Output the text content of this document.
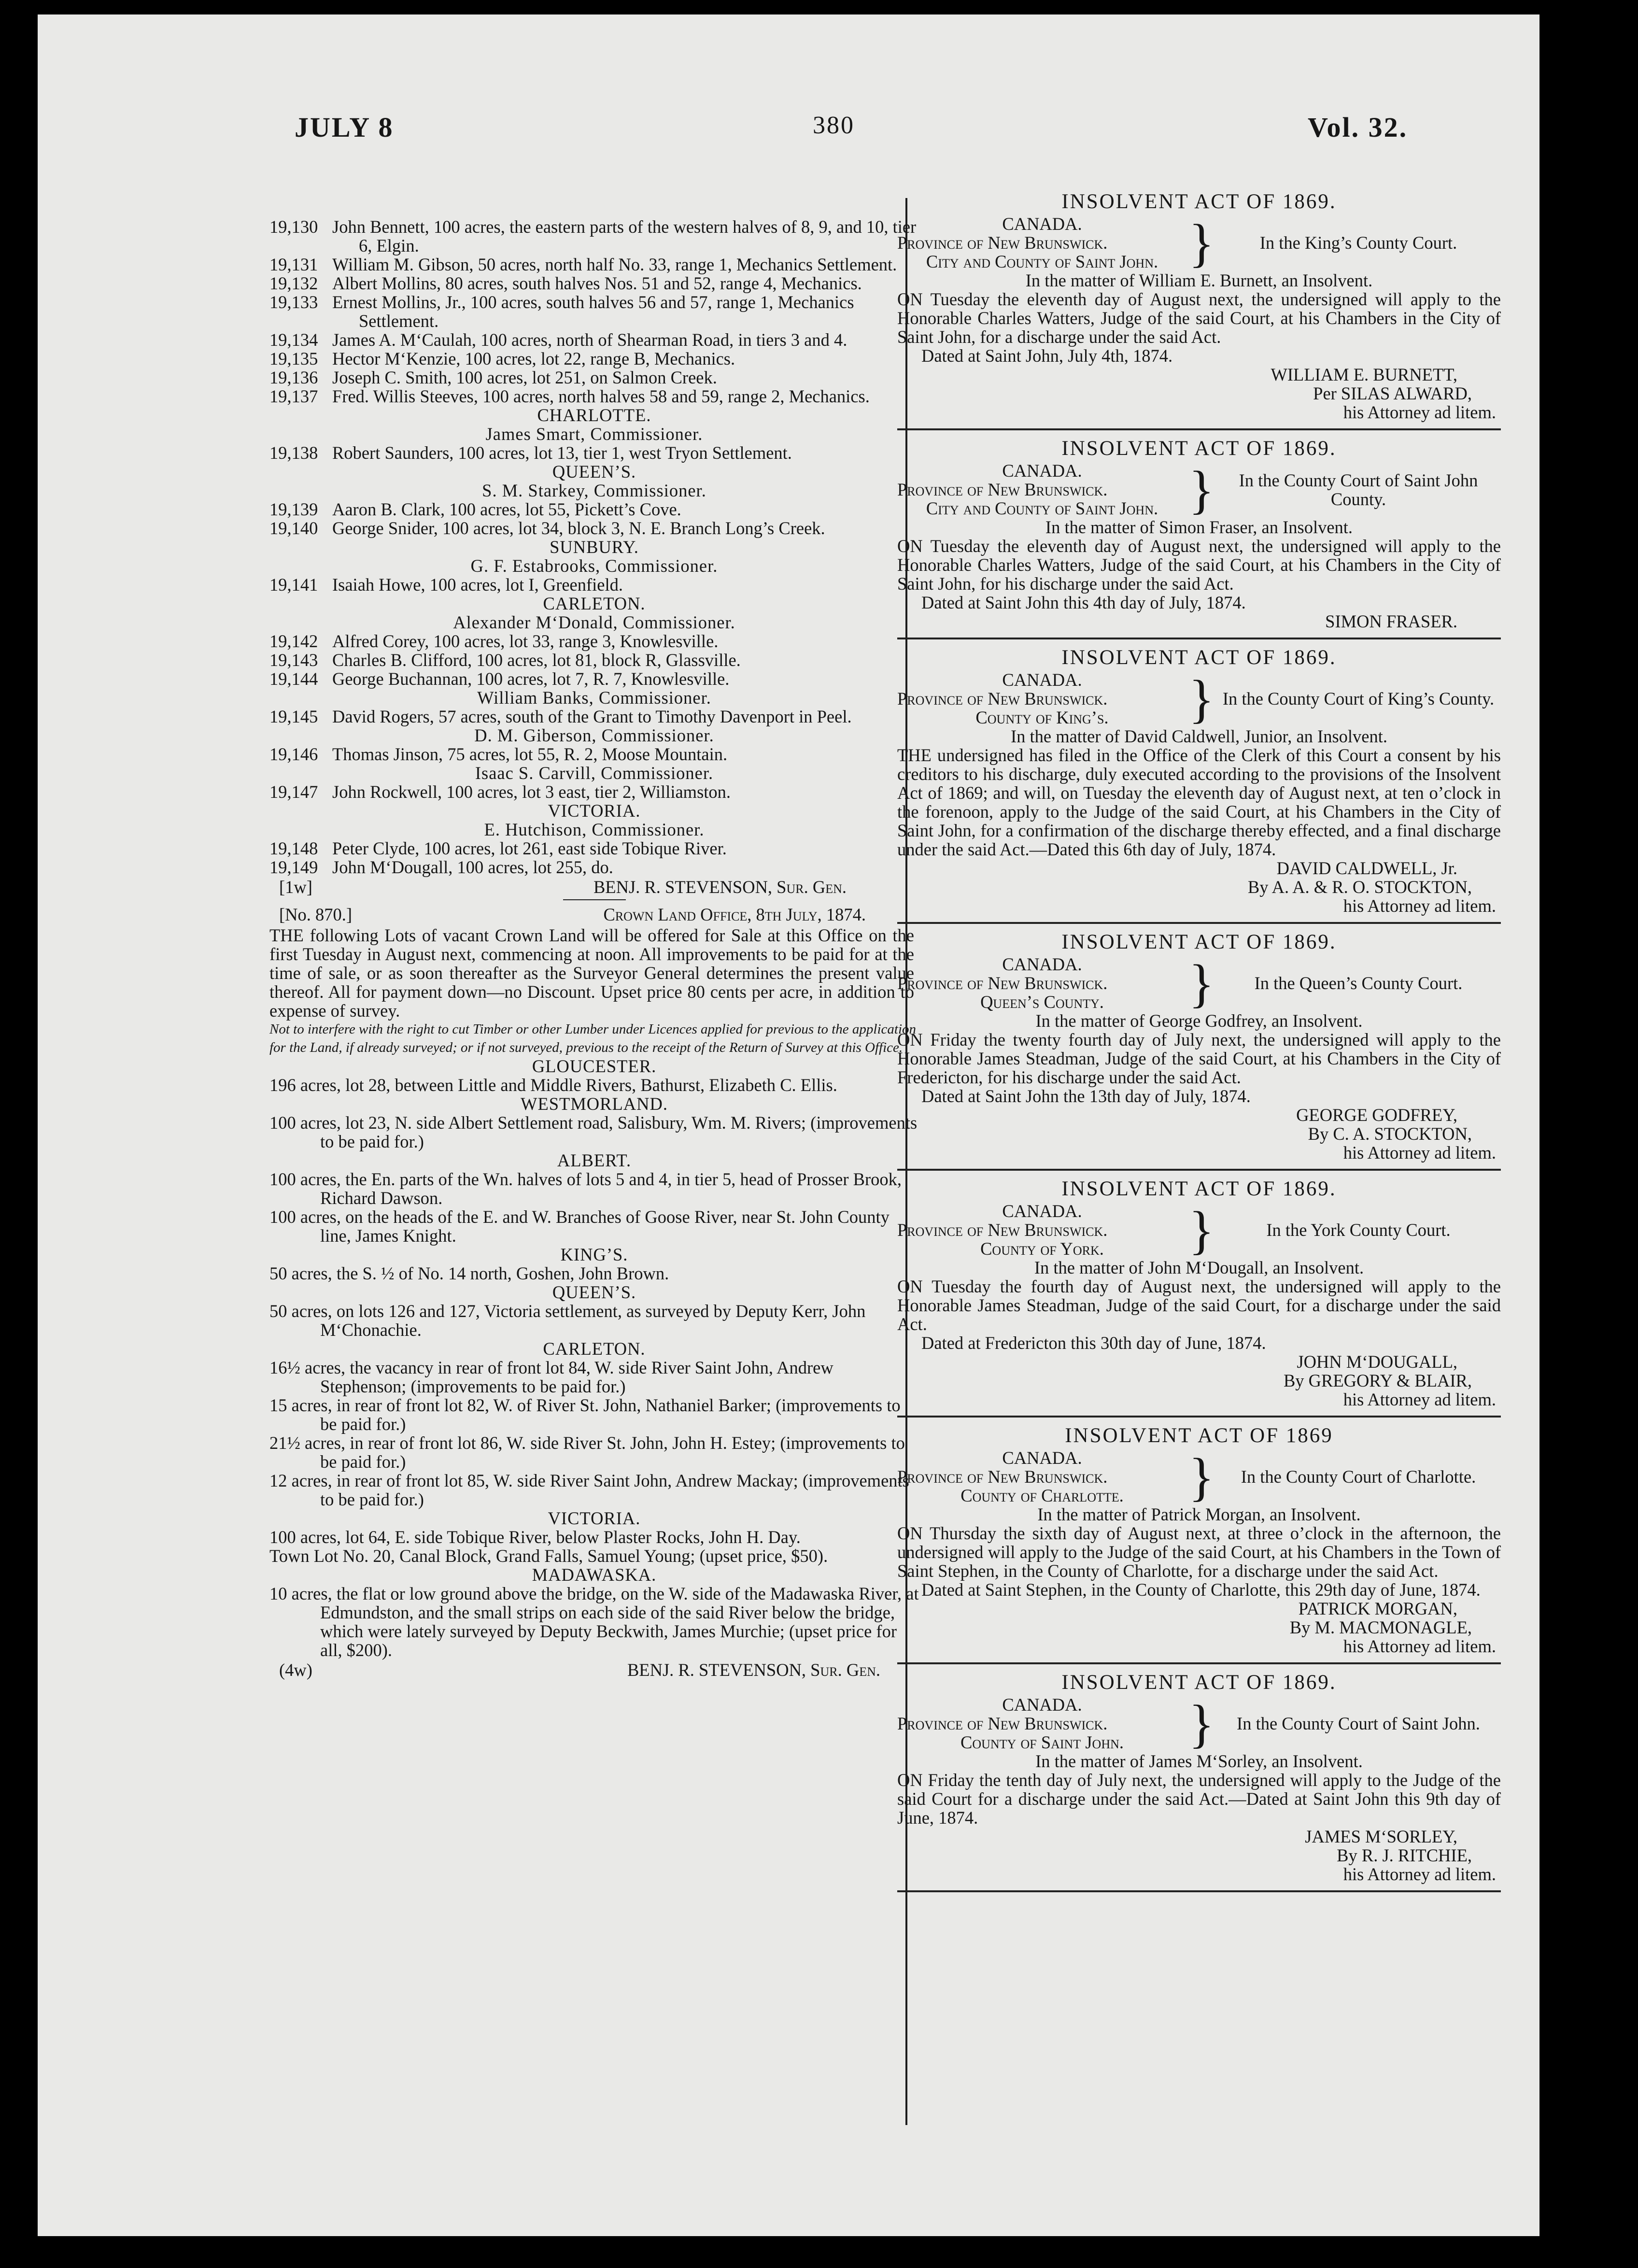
JULY 8	380	Vol. 32.

19,130 John Bennett, 100 acres, the eastern parts of the western halves of 8, 9, and 10, tier 6, Elgin.

19,131 William M. Gibson, 50 acres, north half No. 33, range 1, Mechanics Settlement.

19,132 Albert Mollins, 80 acres, south halves Nos. 51 and 52, range 4, Mechanics.

19,133 Ernest Mollins, Jr., 100 acres, south halves 56 and 57, range 1, Mechanics Settlement.

19,134 James A. M‘Caulah, 100 acres, north of Shearman Road, in tiers 3 and 4.

19,135 Hector M‘Kenzie, 100 acres, lot 22, range B, Mechanics.

19,136 Joseph C. Smith, 100 acres, lot 251, on Salmon Creek.

19,137 Fred. Willis Steeves, 100 acres, north halves 58 and 59, range 2, Mechanics.

CHARLOTTE.

James Smart, Commissioner.

19,138 Robert Saunders, 100 acres, lot 13, tier 1, west Tryon Settlement.

QUEEN’S.

S. M. Starkey, Commissioner.

19,139 Aaron B. Clark, 100 acres, lot 55, Pickett’s Cove.

19,140 George Snider, 100 acres, lot 34, block 3, N. E. Branch Long’s Creek.

SUNBURY.

G. F. Estabrooks, Commissioner.

19,141 Isaiah Howe, 100 acres, lot I, Greenfield.

CARLETON.

Alexander M‘Donald, Commissioner.

19,142 Alfred Corey, 100 acres, lot 33, range 3, Knowlesville.

19,143 Charles B. Clifford, 100 acres, lot 81, block R, Glassville.

19,144 George Buchannan, 100 acres, lot 7, R. 7, Knowlesville.

William Banks, Commissioner.

19,145 David Rogers, 57 acres, south of the Grant to Timothy Davenport in Peel.

D. M. Giberson, Commissioner.

19,146 Thomas Jinson, 75 acres, lot 55, R. 2, Moose Mountain.

Isaac S. Carvill, Commissioner.

19,147 John Rockwell, 100 acres, lot 3 east, tier 2, Williamston.

VICTORIA.

E. Hutchison, Commissioner.

19,148 Peter Clyde, 100 acres, lot 261, east side Tobique River.

19,149 John M‘Dougall, 100 acres, lot 255, do.

[1w]	BENJ. R. STEVENSON, Sur. Gen.

[No. 870.]	Crown Land Office, 8th July, 1874.

THE following Lots of vacant Crown Land will be offered for Sale at this Office on the first Tuesday in August next, commencing at noon. All improvements to be paid for at the time of sale, or as soon thereafter as the Surveyor General determines the present value thereof. All for payment down—no Discount. Upset price 80 cents per acre, in addition to expense of survey.

Not to interfere with the right to cut Timber or other Lumber under Licences applied for previous to the application for the Land, if already surveyed; or if not surveyed, previous to the receipt of the Return of Survey at this Office.

GLOUCESTER.

196 acres, lot 28, between Little and Middle Rivers, Bathurst, Elizabeth C. Ellis.

WESTMORLAND.

100 acres, lot 23, N. side Albert Settlement road, Salisbury, Wm. M. Rivers; (improvements to be paid for.)

ALBERT.

100 acres, the En. parts of the Wn. halves of lots 5 and 4, in tier 5, head of Prosser Brook, Richard Dawson.

100 acres, on the heads of the E. and W. Branches of Goose River, near St. John County line, James Knight.

KING’S.

50 acres, the S. ½ of No. 14 north, Goshen, John Brown.

QUEEN’S.

50 acres, on lots 126 and 127, Victoria settlement, as surveyed by Deputy Kerr, John M‘Chonachie.

CARLETON.

16½ acres, the vacancy in rear of front lot 84, W. side River Saint John, Andrew Stephenson; (improvements to be paid for.)

15 acres, in rear of front lot 82, W. of River St. John, Nathaniel Barker; (improvements to be paid for.)

21½ acres, in rear of front lot 86, W. side River St. John, John H. Estey; (improvements to be paid for.)

12 acres, in rear of front lot 85, W. side River Saint John, Andrew Mackay; (improvements to be paid for.)

VICTORIA.

100 acres, lot 64, E. side Tobique River, below Plaster Rocks, John H. Day.

Town Lot No. 20, Canal Block, Grand Falls, Samuel Young; (upset price, $50).

MADAWASKA.

10 acres, the flat or low ground above the bridge, on the W. side of the Madawaska River, at Edmundston, and the small strips on each side of the said River below the bridge, which were lately surveyed by Deputy Beckwith, James Murchie; (upset price for all, $200).

(4w)	BENJ. R. STEVENSON, Sur. Gen.

INSOLVENT ACT OF 1869.
CANADA.
Province of New Brunswick.
City and County of Saint John. }	In the King’s County Court.

In the matter of William E. Burnett, an Insolvent.

ON Tuesday the eleventh day of August next, the undersigned will apply to the Honorable Charles Watters, Judge of the said Court, at his Chambers in the City of Saint John, for a discharge under the said Act.

Dated at Saint John, July 4th, 1874.

WILLIAM E. BURNETT,

Per SILAS ALWARD,

his Attorney ad litem.

INSOLVENT ACT OF 1869.
CANADA.
Province of New Brunswick.
City and County of Saint John. }	In the County Court of Saint John County.

In the matter of Simon Fraser, an Insolvent.

ON Tuesday the eleventh day of August next, the undersigned will apply to the Honorable Charles Watters, Judge of the said Court, at his Chambers in the City of Saint John, for his discharge under the said Act.

Dated at Saint John this 4th day of July, 1874.

SIMON FRASER.

INSOLVENT ACT OF 1869.
CANADA.
Province of New Brunswick.
County of King’s.	} In the County Court of King’s County.

In the matter of David Caldwell, Junior, an Insolvent.

THE undersigned has filed in the Office of the Clerk of this Court a consent by his creditors to his discharge, duly executed according to the provisions of the Insolvent Act of 1869; and will, on Tuesday the eleventh day of August next, at ten o’clock in the forenoon, apply to the Judge of the said Court, at his Chambers in the City of Saint John, for a confirmation of the discharge thereby effected, and a final discharge under the said Act.—Dated this 6th day of July, 1874.

DAVID CALDWELL, Jr.

By A. A. & R. O. STOCKTON,

his Attorney ad litem.

INSOLVENT ACT OF 1869.
CANADA.
Province of New Brunswick.
Queen’s County.	}	In the Queen’s County Court.

In the matter of George Godfrey, an Insolvent.

ON Friday the twenty fourth day of July next, the undersigned will apply to the Honorable James Steadman, Judge of the said Court, at his Chambers in the City of Fredericton, for his discharge under the said Act.

Dated at Saint John the 13th day of July, 1874.

GEORGE GODFREY,

By C. A. STOCKTON,

his Attorney ad litem.

INSOLVENT ACT OF 1869.
CANADA.
Province of New Brunswick.
County of York.	}	In the York County Court.

In the matter of John M‘Dougall, an Insolvent.

ON Tuesday the fourth day of August next, the undersigned will apply to the Honorable James Steadman, Judge of the said Court, for a discharge under the said Act.

Dated at Fredericton this 30th day of June, 1874.

JOHN M‘DOUGALL,

By GREGORY & BLAIR,

his Attorney ad litem.

INSOLVENT ACT OF 1869
CANADA.
Province of New Brunswick.
County of Charlotte.	}	In the County Court of Charlotte.

In the matter of Patrick Morgan, an Insolvent.

ON Thursday the sixth day of August next, at three o’clock in the afternoon, the undersigned will apply to the Judge of the said Court, at his Chambers in the Town of Saint Stephen, in the County of Charlotte, for a discharge under the said Act.

Dated at Saint Stephen, in the County of Charlotte, this 29th day of June, 1874.

PATRICK MORGAN,

By M. MACMONAGLE,

his Attorney ad litem.

INSOLVENT ACT OF 1869.
CANADA.
Province of New Brunswick.
County of Saint John.	}	In the County Court of Saint John.

In the matter of James M‘Sorley, an Insolvent.

ON Friday the tenth day of July next, the undersigned will apply to the Judge of the said Court for a discharge under the said Act.—Dated at Saint John this 9th day of June, 1874.

JAMES M‘SORLEY,

By R. J. RITCHIE,

his Attorney ad litem.
